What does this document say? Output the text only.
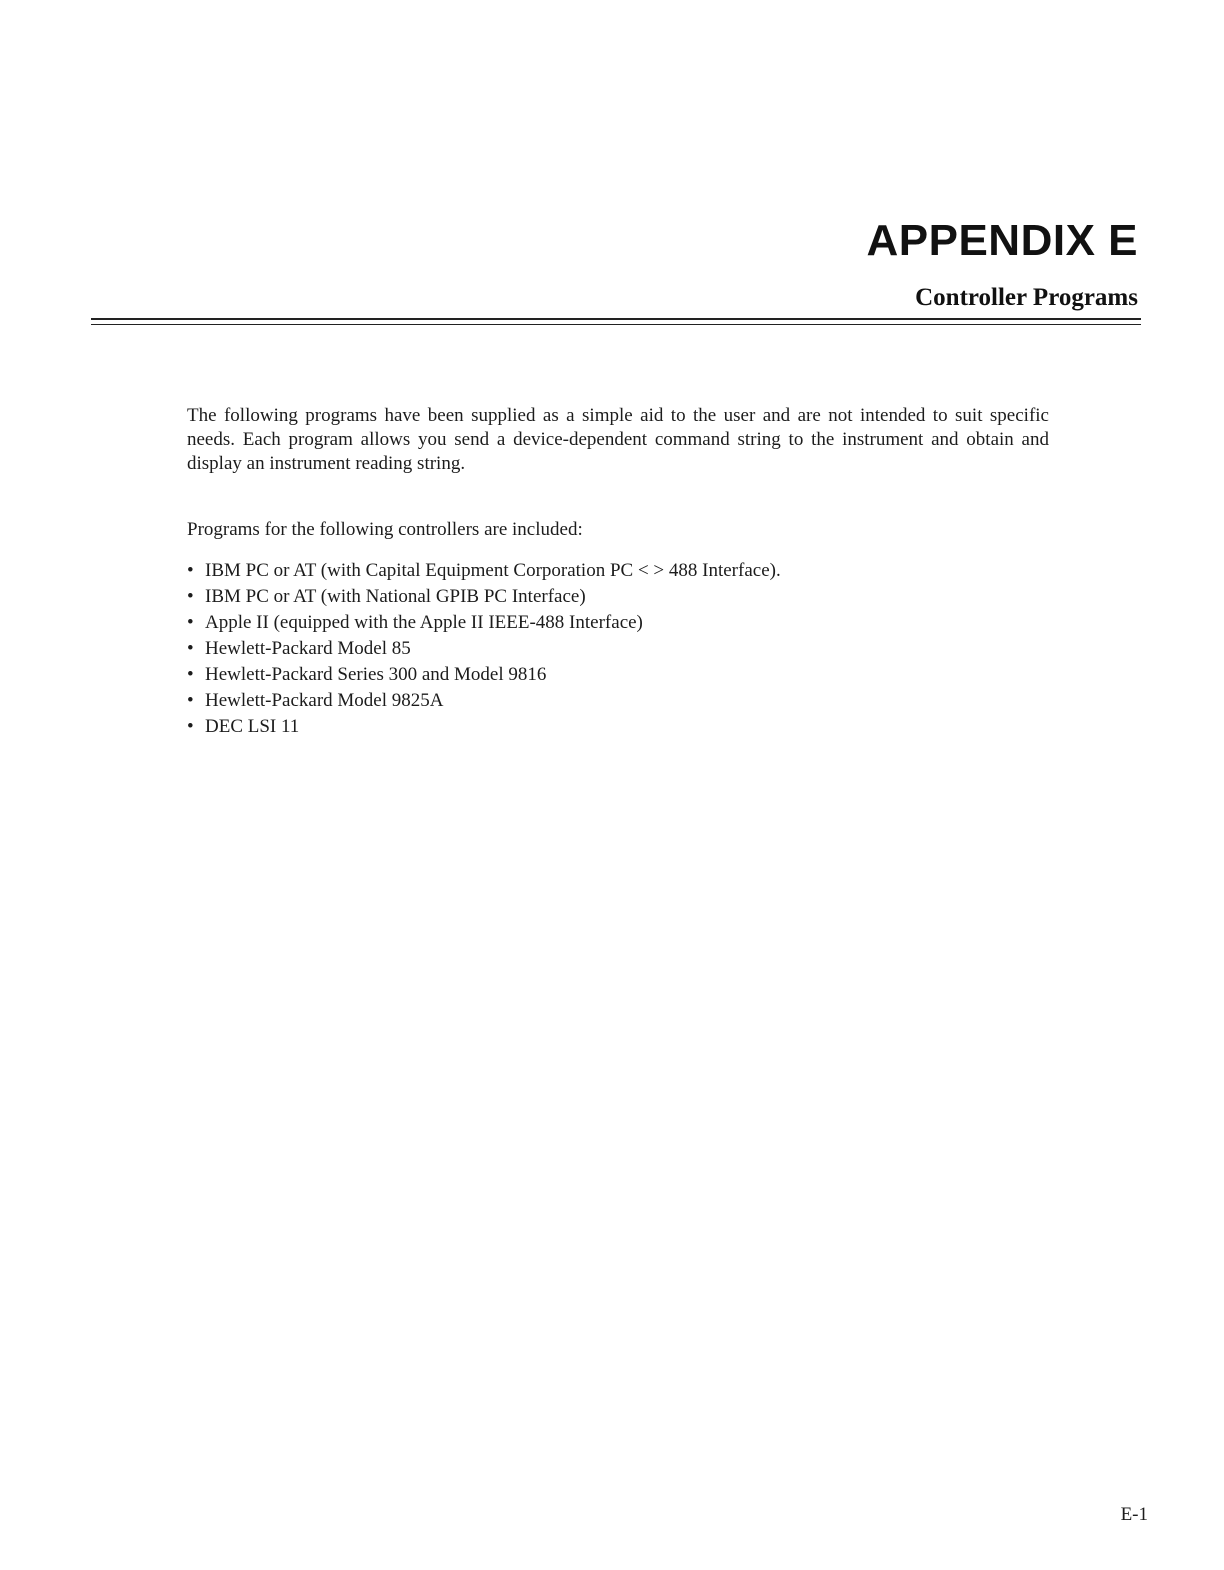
APPENDIX E
Controller Programs

The following programs have been supplied as a simple aid to the user and are not intended to suit specific needs. Each program allows you send a device-dependent command string to the instrument and obtain and display an instrument reading string.

Programs for the following controllers are included:

• IBM PC or AT (with Capital Equipment Corporation PC < > 488 Interface).
• IBM PC or AT (with National GPIB PC Interface)
• Apple II (equipped with the Apple II IEEE-488 Interface)
• Hewlett-Packard Model 85
• Hewlett-Packard Series 300 and Model 9816
• Hewlett-Packard Model 9825A
• DEC LSI 11
E-1
